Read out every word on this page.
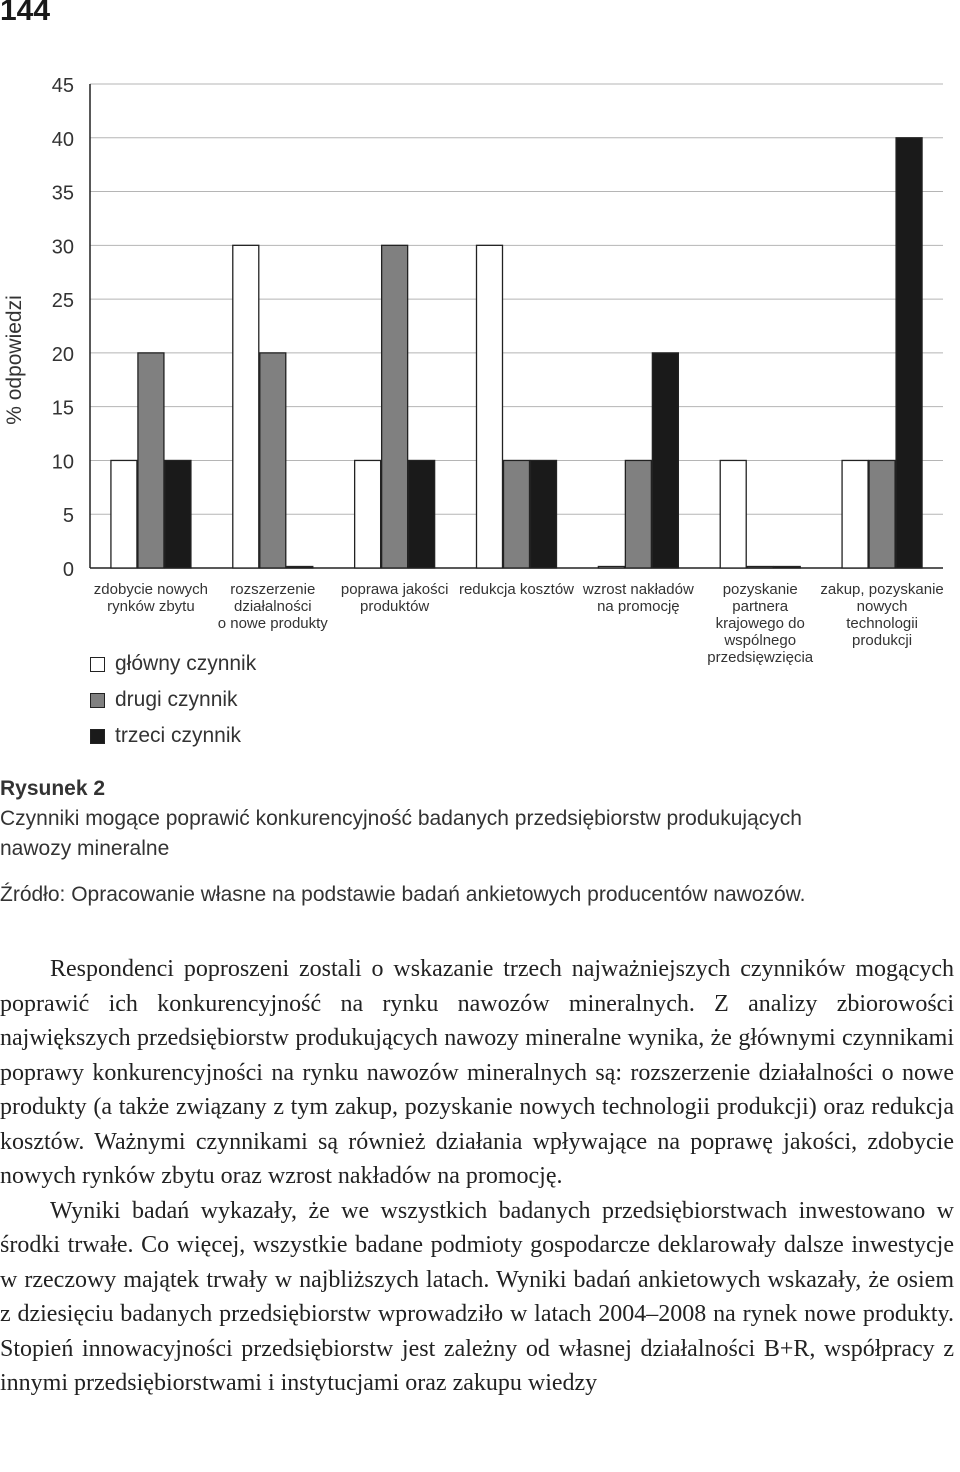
144
0
5
10
15
20
25
30
35
40
45
% odpowiedzi
zdobycie nowych
rynków zbytu
rozszerzenie
działalności
o nowe produkty
poprawa jakości
produktów
redukcja kosztów wzrost nakładów
na promocję
pozyskanie
partnera
krajowego do
wspólnego
przedsięwzięcia
zakup, pozyskanie
nowych
technologii
produkcji
główny czynnik
drugi czynnik
trzeci czynnik
Rysunek 2
Czynniki mogące poprawić konkurencyjność badanych przedsiębiorstw produkujących
nawozy mineralne
Źródło: Opracowanie własne na podstawie badań ankietowych producentów nawozów.

Respondenci poproszeni zostali o wskazanie trzech najważniejszych czynników mogących poprawić ich konkurencyjność na rynku nawozów mineralnych. Z analizy zbiorowości największych przedsiębiorstw produkujących nawozy mineralne wynika, że głównymi czynnikami poprawy konkurencyjności na rynku nawozów mineralnych są: rozszerzenie działalności o nowe produkty (a także związany z tym zakup, pozyskanie nowych technologii produkcji) oraz redukcja kosztów. Ważnymi czynnikami są również działania wpływające na poprawę jakości, zdobycie nowych rynków zbytu oraz wzrost nakładów na promocję.

Wyniki badań wykazały, że we wszystkich badanych przedsiębiorstwach inwestowano w środki trwałe. Co więcej, wszystkie badane podmioty gospodarcze deklarowały dalsze inwestycje w rzeczowy majątek trwały w najbliższych latach. Wyniki badań ankietowych wskazały, że osiem z dziesięciu badanych przedsiębiorstw wprowadziło w latach 2004–2008 na rynek nowe produkty. Stopień innowacyjności przedsiębiorstw jest zależny od własnej działalności B+R, współpracy z innymi przedsiębiorstwami i instytucjami oraz zakupu wiedzy
